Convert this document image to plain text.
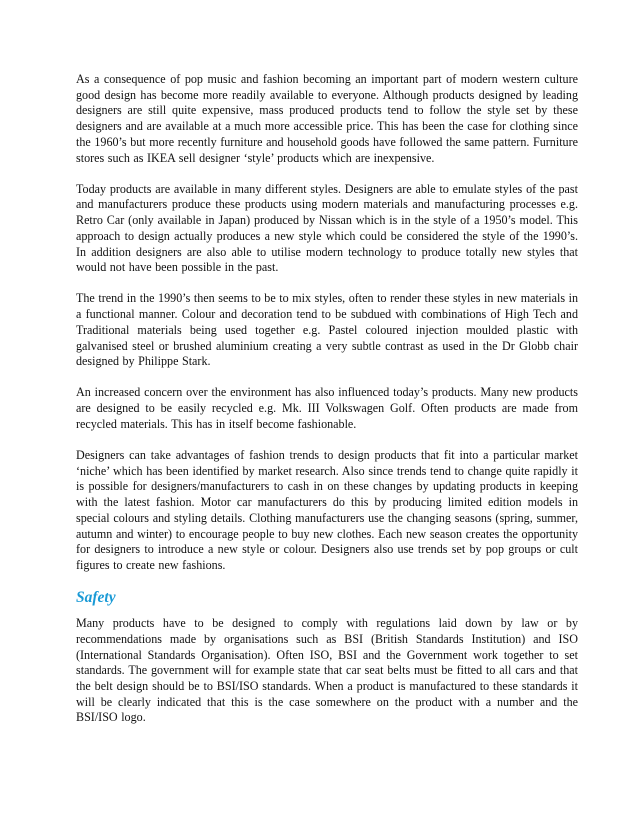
As a consequence of pop music and fashion becoming an important part of modern western culture good design has become more readily available to everyone. Although products designed by leading designers are still quite expensive, mass produced products tend to follow the style set by these designers and are available at a much more accessible price. This has been the case for clothing since the 1960’s but more recently furniture and household goods have followed the same pattern. Furniture stores such as IKEA sell designer ‘style’ products which are inexpensive.

Today products are available in many different styles. Designers are able to emulate styles of the past and manufacturers produce these products using modern materials and manufacturing processes e.g. Retro Car (only available in Japan) produced by Nissan which is in the style of a 1950’s model. This approach to design actually produces a new style which could be considered the style of the 1990’s. In addition designers are also able to utilise modern technology to produce totally new styles that would not have been possible in the past.

The trend in the 1990’s then seems to be to mix styles, often to render these styles in new materials in a functional manner. Colour and decoration tend to be subdued with combinations of High Tech and Traditional materials being used together e.g. Pastel coloured injection moulded plastic with galvanised steel or brushed aluminium creating a very subtle contrast as used in the Dr Globb chair designed by Philippe Stark.

An increased concern over the environment has also influenced today’s products. Many new products are designed to be easily recycled e.g. Mk. III Volkswagen Golf. Often products are made from recycled materials. This has in itself become fashionable.

Designers can take advantages of fashion trends to design products that fit into a particular market ‘niche’ which has been identified by market research. Also since trends tend to change quite rapidly it is possible for designers/manufacturers to cash in on these changes by updating products in keeping with the latest fashion. Motor car manufacturers do this by producing limited edition models in special colours and styling details. Clothing manufacturers use the changing seasons (spring, summer, autumn and winter) to encourage people to buy new clothes. Each new season creates the opportunity for designers to introduce a new style or colour. Designers also use trends set by pop groups or cult figures to create new fashions.

Safety

Many products have to be designed to comply with regulations laid down by law or by recommendations made by organisations such as BSI (British Standards Institution) and ISO (International Standards Organisation). Often ISO, BSI and the Government work together to set standards. The government will for example state that car seat belts must be fitted to all cars and that the belt design should be to BSI/ISO standards. When a product is manufactured to these standards it will be clearly indicated that this is the case somewhere on the product with a number and the BSI/ISO logo.
